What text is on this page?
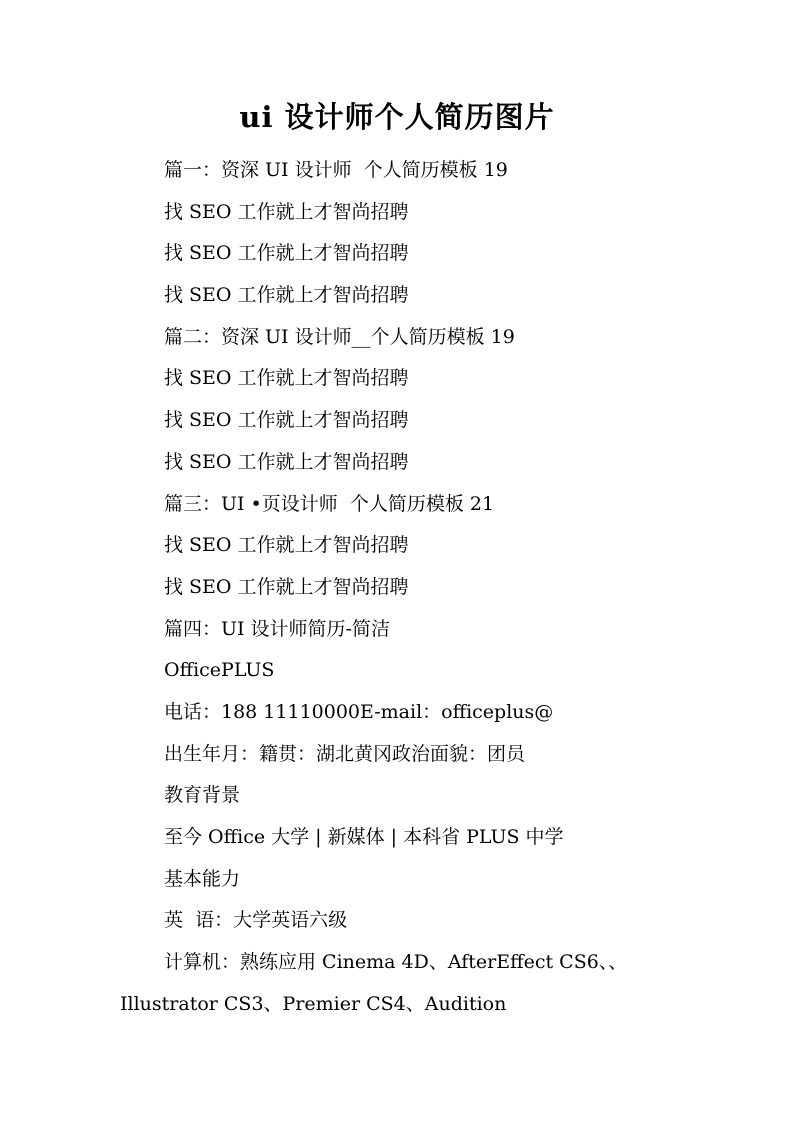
ui 设计师个人简历图片
篇一：资深 UI 设计师  个人简历模板 19
找 SEO 工作就上才智尚招聘
找 SEO 工作就上才智尚招聘
找 SEO 工作就上才智尚招聘
篇二：资深 UI 设计师__个人简历模板 19
找 SEO 工作就上才智尚招聘
找 SEO 工作就上才智尚招聘
找 SEO 工作就上才智尚招聘
篇三：UI •页设计师  个人简历模板 21
找 SEO 工作就上才智尚招聘
找 SEO 工作就上才智尚招聘
篇四：UI 设计师简历-简洁
OfficePLUS
电话：188 11110000E-mail：officeplus@
出生年月：籍贯：湖北黄冈政治面貌：团员
教育背景
至今 Office 大学 | 新媒体 | 本科省 PLUS 中学
基本能力
英  语：大学英语六级
计算机：熟练应用 Cinema 4D、AfterEffect CS6、、
Illustrator CS3、Premier CS4、Audition
